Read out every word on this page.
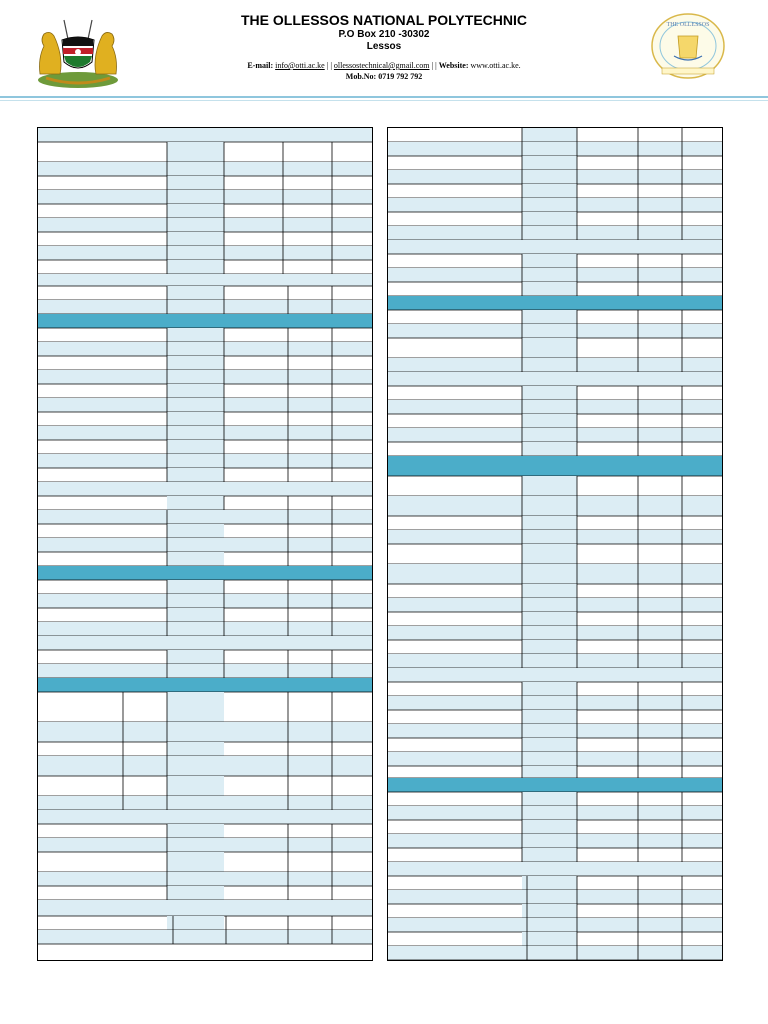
THE OLLESSOS NATIONAL POLYTECHNIC
P.O Box 210 -30302
Lessos
E-mail: info@otti.ac.ke | | ollessostechnical@gmail.com | | Website: www.otti.ac.ke.
Mob.No: 0719 792 792
THE OLLESSOS
